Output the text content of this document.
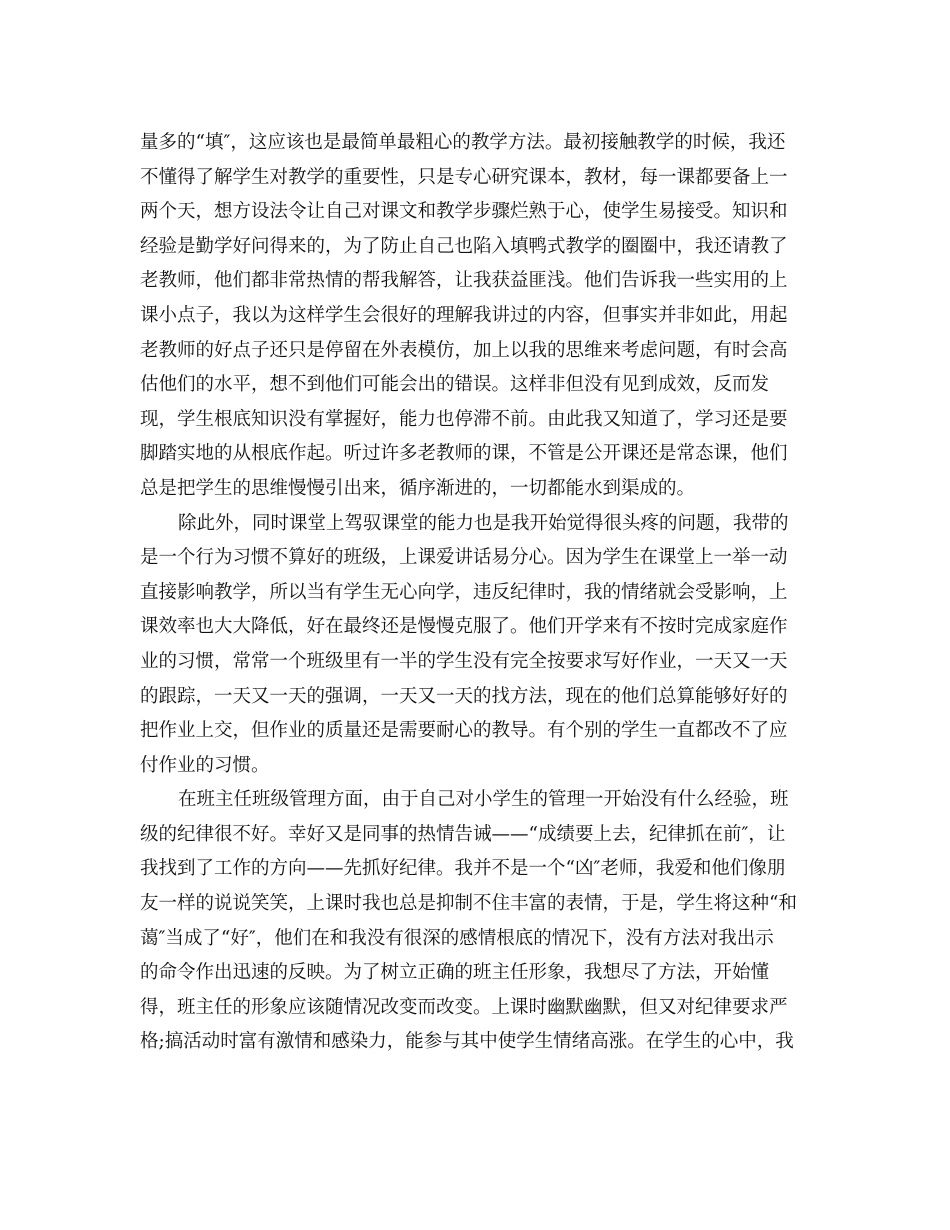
量多的“填″，这应该也是最简单最粗心的教学方法。最初接触教学的时候，我还
不懂得了解学生对教学的重要性，只是专心研究课本，教材，每一课都要备上一
两个天，想方设法令让自己对课文和教学步骤烂熟于心，使学生易接受。知识和
经验是勤学好问得来的，为了防止自己也陷入填鸭式教学的圈圈中，我还请教了
老教师，他们都非常热情的帮我解答，让我获益匪浅。他们告诉我一些实用的上
课小点子，我以为这样学生会很好的理解我讲过的内容，但事实并非如此，用起
老教师的好点子还只是停留在外表模仿，加上以我的思维来考虑问题，有时会高
估他们的水平，想不到他们可能会出的错误。这样非但没有见到成效，反而发
现，学生根底知识没有掌握好，能力也停滞不前。由此我又知道了，学习还是要
脚踏实地的从根底作起。听过许多老教师的课，不管是公开课还是常态课，他们
总是把学生的思维慢慢引出来，循序渐进的，一切都能水到渠成的。
除此外，同时课堂上驾驭课堂的能力也是我开始觉得很头疼的问题，我带的
是一个行为习惯不算好的班级，上课爱讲话易分心。因为学生在课堂上一举一动
直接影响教学，所以当有学生无心向学，违反纪律时，我的情绪就会受影响，上
课效率也大大降低，好在最终还是慢慢克服了。他们开学来有不按时完成家庭作
业的习惯，常常一个班级里有一半的学生没有完全按要求写好作业，一天又一天
的跟踪，一天又一天的强调，一天又一天的找方法，现在的他们总算能够好好的
把作业上交，但作业的质量还是需要耐心的教导。有个别的学生一直都改不了应
付作业的习惯。
在班主任班级管理方面，由于自己对小学生的管理一开始没有什么经验，班
级的纪律很不好。幸好又是同事的热情告诫——“成绩要上去，纪律抓在前″，让
我找到了工作的方向——先抓好纪律。我并不是一个“凶″老师，我爱和他们像朋
友一样的说说笑笑，上课时我也总是抑制不住丰富的表情，于是，学生将这种“和
蔼″当成了“好″，他们在和我没有很深的感情根底的情况下，没有方法对我出示
的命令作出迅速的反映。为了树立正确的班主任形象，我想尽了方法，开始懂
得，班主任的形象应该随情况改变而改变。上课时幽默幽默，但又对纪律要求严
格;搞活动时富有激情和感染力，能参与其中使学生情绪高涨。在学生的心中，我
